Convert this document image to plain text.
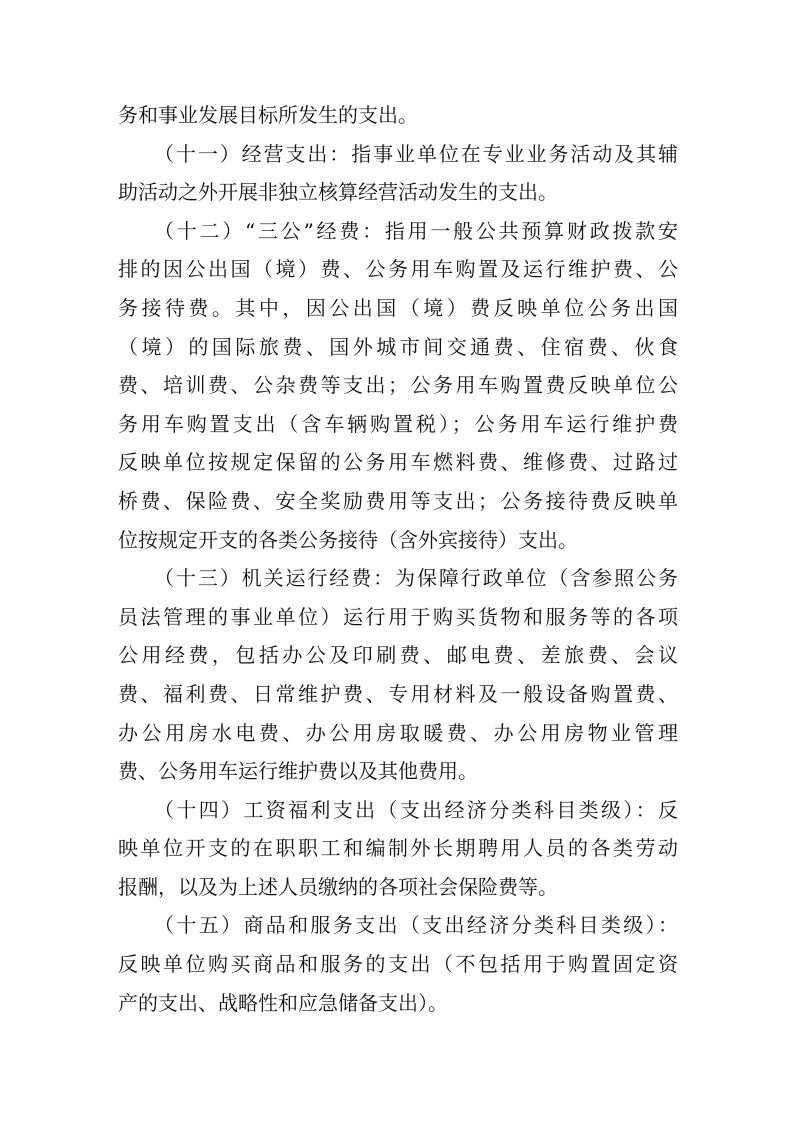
务和事业发展目标所发生的支出。
（十一）经营支出：指事业单位在专业业务活动及其辅
助活动之外开展非独立核算经营活动发生的支出。
（十二）“三公”经费：指用一般公共预算财政拨款安
排的因公出国（境）费、公务用车购置及运行维护费、公
务接待费。其中，因公出国（境）费反映单位公务出国
（境）的国际旅费、国外城市间交通费、住宿费、伙食
费、培训费、公杂费等支出；公务用车购置费反映单位公
务用车购置支出（含车辆购置税）；公务用车运行维护费
反映单位按规定保留的公务用车燃料费、维修费、过路过
桥费、保险费、安全奖励费用等支出；公务接待费反映单
位按规定开支的各类公务接待（含外宾接待）支出。
（十三）机关运行经费：为保障行政单位（含参照公务
员法管理的事业单位）运行用于购买货物和服务等的各项
公用经费，包括办公及印刷费、邮电费、差旅费、会议
费、福利费、日常维护费、专用材料及一般设备购置费、
办公用房水电费、办公用房取暖费、办公用房物业管理
费、公务用车运行维护费以及其他费用。
（十四）工资福利支出（支出经济分类科目类级）：反
映单位开支的在职职工和编制外长期聘用人员的各类劳动
报酬，以及为上述人员缴纳的各项社会保险费等。
（十五）商品和服务支出（支出经济分类科目类级）：
反映单位购买商品和服务的支出（不包括用于购置固定资
产的支出、战略性和应急储备支出）。
